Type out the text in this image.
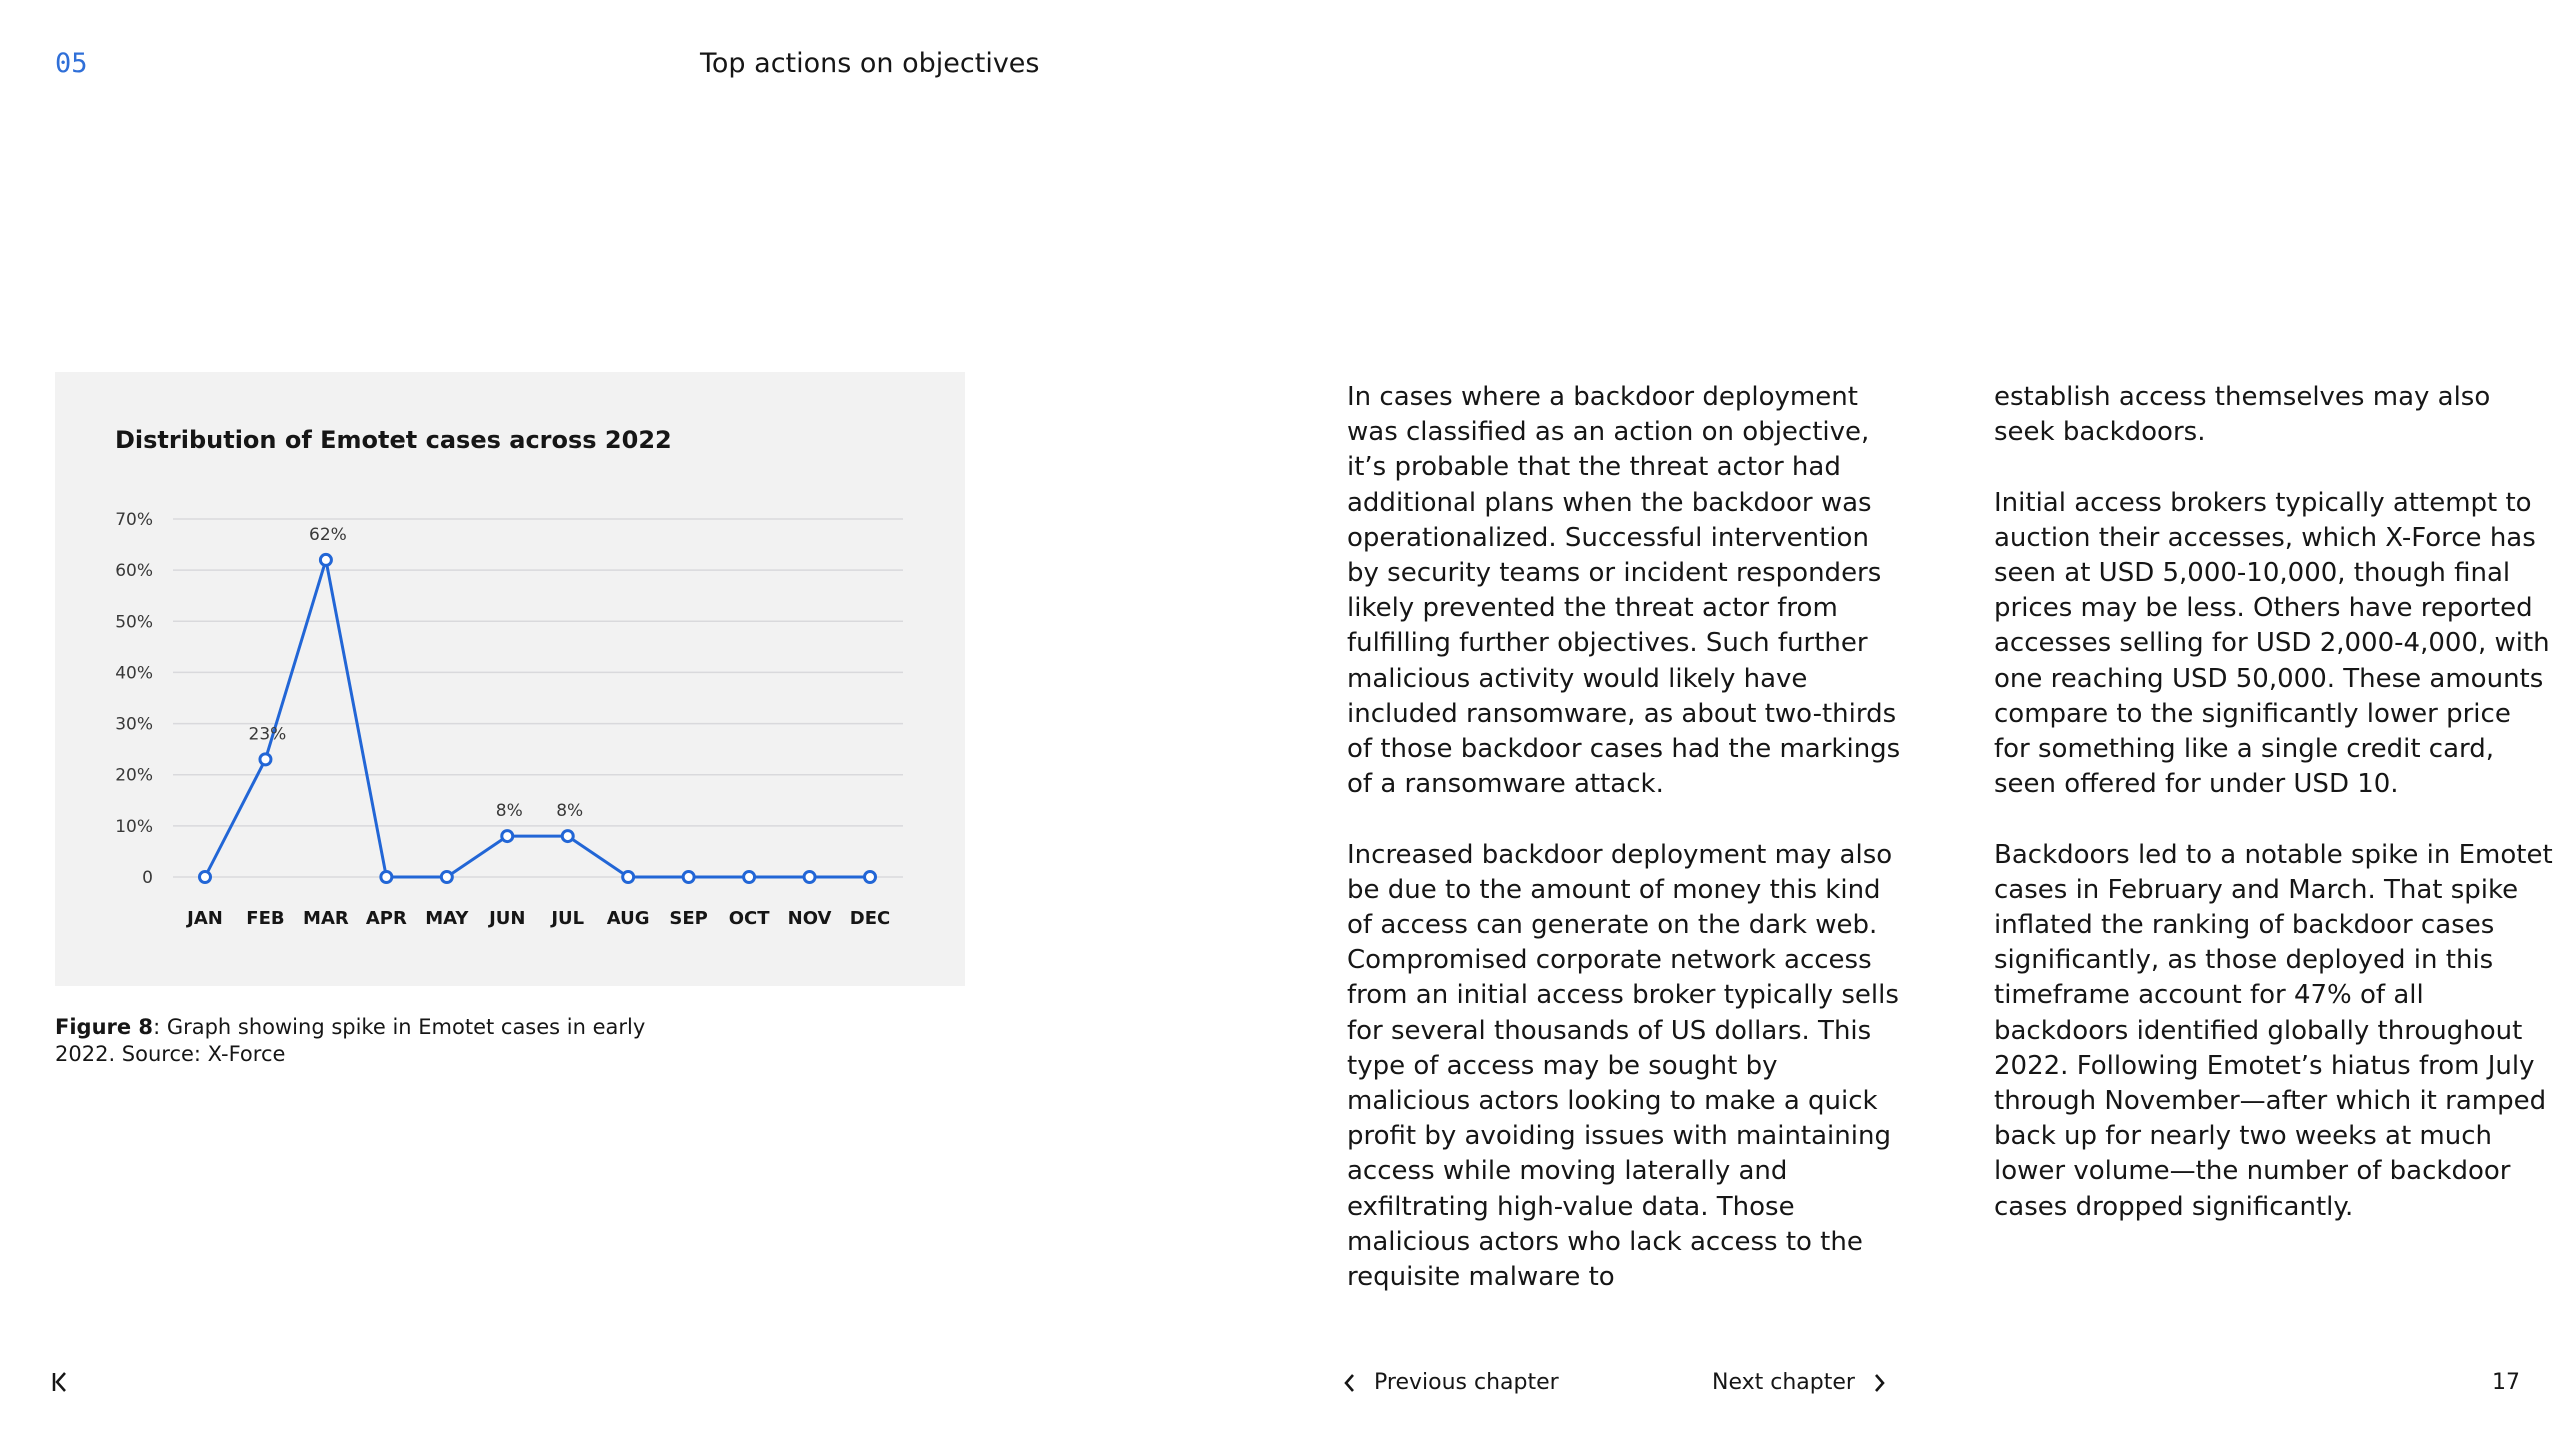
05	Top actions on objectives
Distribution of Emotet cases across 2022
0
10%
20%
30%
40%
50%
60%
70%
JAN FEB MAR APR MAY JUN JUL AUG SEP OCT NOV DEC
23%
62%
8% 8%
Figure 8: Graph showing spike in Emotet cases in early 2022. Source: X-Force

In cases where a backdoor deployment was classified as an action on objective, it’s probable that the threat actor had additional plans when the backdoor was operationalized. Successful intervention by security teams or incident responders likely prevented the threat actor from fulfilling further objectives. Such further malicious activity would likely have included ransomware, as about two-thirds of those backdoor cases had the markings of a ransomware attack.

Increased backdoor deployment may also be due to the amount of money this kind of access can generate on the dark web. Compromised corporate network access from an initial access broker typically sells for several thousands of US dollars. This type of access may be sought by malicious actors looking to make a quick profit by avoiding issues with maintaining access while moving laterally and exfiltrating high-value data. Those malicious actors who lack access to the requisite malware to

establish access themselves may also seek backdoors.

Initial access brokers typically attempt to auction their accesses, which X-Force has seen at USD 5,000-10,000, though final prices may be less. Others have reported accesses selling for USD 2,000-4,000, with one reaching USD 50,000. These amounts compare to the significantly lower price for something like a single credit card, seen offered for under USD 10.

Backdoors led to a notable spike in Emotet cases in February and March. That spike inflated the ranking of backdoor cases significantly, as those deployed in this timeframe account for 47% of all backdoors identified globally throughout 2022. Following Emotet’s hiatus from July through November—after which it ramped back up for nearly two weeks at much lower volume—the number of backdoor cases dropped significantly.

Previous chapter	Next chapter	17
